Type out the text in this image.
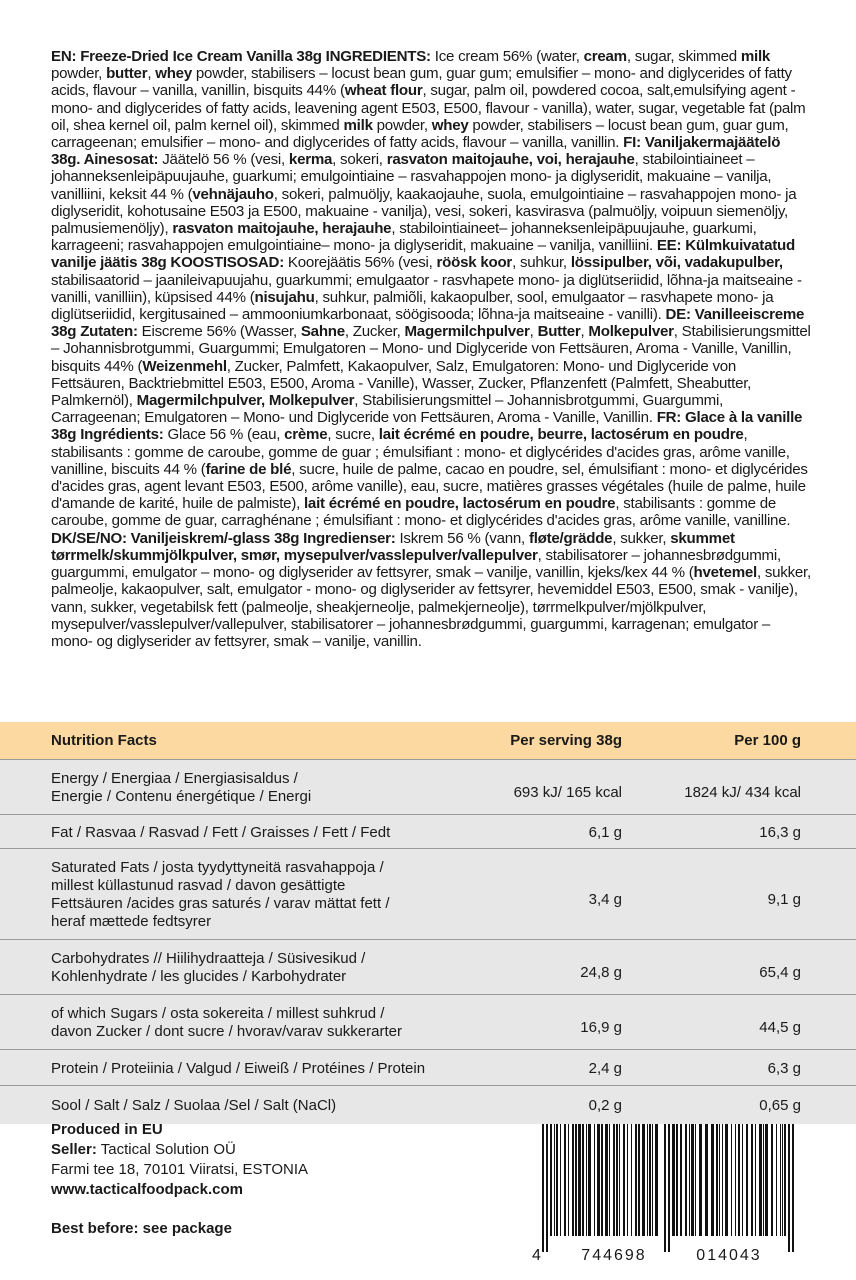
EN: Freeze-Dried Ice Cream Vanilla 38g INGREDIENTS: Ice cream 56% (water, cream, sugar, skimmed milk powder, butter, whey powder, stabilisers – locust bean gum, guar gum; emulsifier – mono- and diglycerides of fatty acids, flavour – vanilla, vanillin, bisquits 44% (wheat flour, sugar, palm oil, powdered cocoa, salt,emulsifying agent - mono- and diglycerides of fatty acids, leavening agent E503, E500, flavour - vanilla), water, sugar, vegetable fat (palm oil, shea kernel oil, palm kernel oil), skimmed milk powder, whey powder, stabilisers – locust bean gum, guar gum, carrageenan; emulsifier – mono- and diglycerides of fatty acids, flavour – vanilla, vanillin. FI: Vaniljakermajäätelö 38g. Ainesosat: Jäätelö 56 % (vesi, kerma, sokeri, rasvaton maitojauhe, voi, herajauhe, stabilointiaineet – johanneksenleipäpuujauhe, guarkumi; emulgointiaine – rasvahappojen mono- ja diglyseridit, makuaine – vanilja, vanilliini, keksit 44 % (vehnäjauho, sokeri, palmuöljy, kaakaojauhe, suola, emulgointiaine – rasvahappojen mono- ja diglyseridit, kohotusaine E503 ja E500, makuaine - vanilja), vesi, sokeri, kasvirasva (palmuöljy, voipuun siemenöljy, palmusiemenöljy), rasvaton maitojauhe, herajauhe, stabilointiaineet– johanneksenleipäpuujauhe, guarkumi, karrageeni; rasvahappojen emulgointiaine– mono- ja diglyseridit, makuaine – vanilja, vanilliini. EE: Külmkuivatatud vanilje jäätis 38g KOOSTISOSAD: Koorejäätis 56% (vesi, röösk koor, suhkur, lössipulber, või, vadakupulber, stabilisaatorid – jaanileivapuujahu, guarkummi; emulgaator - rasvhapete mono- ja diglütseriidid, lõhna-ja maitseaine - vanilli, vanilliin), küpsised 44% (nisujahu, suhkur, palmiõli, kakaopulber, sool, emulgaator – rasvhapete mono- ja diglütseriidid, kergitusained – ammooniumkarbonaat, söögisooda; lõhna-ja maitseaine - vanilli). DE: Vanilleeiscreme 38g Zutaten: Eiscreme 56% (Wasser, Sahne, Zucker, Magermilchpulver, Butter, Molkepulver, Stabilisierungsmittel – Johannisbrotgummi, Guargummi; Emulgatoren – Mono- und Diglyceride von Fettsäuren, Aroma - Vanille, Vanillin, bisquits 44% (Weizenmehl, Zucker, Palmfett, Kakaopulver, Salz, Emulgatoren: Mono- und Diglyceride von Fettsäuren, Backtriebmittel E503, E500, Aroma - Vanille), Wasser, Zucker, Pflanzenfett (Palmfett, Sheabutter, Palmkernöl), Magermilchpulver, Molkepulver, Stabilisierungsmittel – Johannisbrotgummi, Guargummi, Carrageenan; Emulgatoren – Mono- und Diglyceride von Fettsäuren, Aroma - Vanille, Vanillin. FR: Glace à la vanille 38g Ingrédients: Glace 56 % (eau, crème, sucre, lait écrémé en poudre, beurre, lactosérum en poudre, stabilisants : gomme de caroube, gomme de guar ; émulsifiant : mono- et diglycérides d'acides gras, arôme vanille, vanilline, biscuits 44 % (farine de blé, sucre, huile de palme, cacao en poudre, sel, émulsifiant : mono- et diglycérides d'acides gras, agent levant E503, E500, arôme vanille), eau, sucre, matières grasses végétales (huile de palme, huile d'amande de karité, huile de palmiste), lait écrémé en poudre, lactosérum en poudre, stabilisants : gomme de caroube, gomme de guar, carraghénane ; émulsifiant : mono- et diglycérides d'acides gras, arôme vanille, vanilline. DK/SE/NO: Vaniljeiskrem/-glass 38g Ingredienser: Iskrem 56 % (vann, fløte/grädde, sukker, skummet tørrmelk/skummjölkpulver, smør, mysepulver/vasslepulver/vallepulver, stabilisatorer – johannesbrødgummi, guargummi, emulgator – mono- og diglyserider av fettsyrer, smak – vanilje, vanillin, kjeks/kex 44 % (hvetemel, sukker, palmeolje, kakaopulver, salt, emulgator - mono- og diglyserider av fettsyrer, hevemiddel E503, E500, smak - vanilje), vann, sukker, vegetabilsk fett (palmeolje, sheakjerneolje, palmekjerneolje), tørrmelkpulver/mjölkpulver, mysepulver/vasslepulver/vallepulver, stabilisatorer – johannesbrødgummi, guargummi, karragenan; emulgator – mono- og diglyserider av fettsyrer, smak – vanilje, vanillin.
Nutrition Facts	Per serving 38g	Per 100 g
Energy / Energiaa / Energiasisaldus /
Energie / Contenu énergétique / Energi	693 kJ/ 165 kcal	1824 kJ/ 434 kcal
Fat / Rasvaa / Rasvad / Fett / Graisses / Fett / Fedt	6,1 g	16,3 g
Saturated Fats / josta tyydyttyneitä rasvahappoja /
millest küllastunud rasvad / davon gesättigte
Fettsäuren /acides gras saturés / varav mättat fett /
heraf mættede fedtsyrer
3,4 g	9,1 g
Carbohydrates // Hiilihydraatteja / Süsivesikud /
Kohlenhydrate / les glucides / Karbohydrater	24,8 g	65,4 g
of which Sugars / osta sokereita / millest suhkrud /
davon Zucker / dont sucre / hvorav/varav sukkerarter	16,9 g	44,5 g
Protein / Proteiinia / Valgud / Eiweiß / Protéines / Protein	2,4 g	6,3 g
Sool / Salt / Salz / Suolaa /Sel / Salt (NaCl)	0,2 g	0,65 g
Produced in EU
Seller: Tactical Solution OÜ
Farmi tee 18, 70101 Viiratsi, ESTONIA
www.tacticalfoodpack.com
Best before: see package
4	744698	014043
